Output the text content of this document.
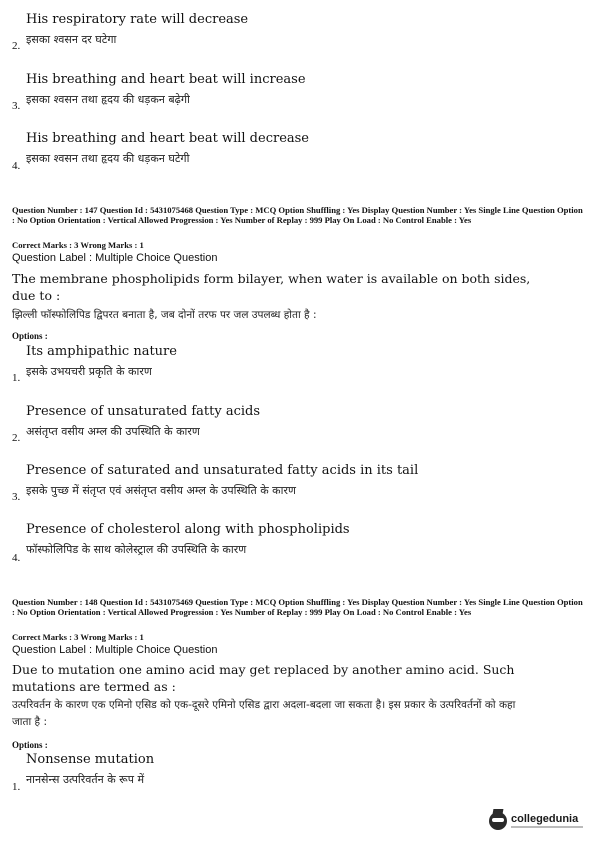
His respiratory rate will decrease
2. इसका श्वसन दर घटेगा
His breathing and heart beat will increase
3. इसका श्वसन तथा हृदय की धड़कन बढ़ेगी
His breathing and heart beat will decrease
4.
इसका श्वसन तथा हृदय की धड़कन घटेगी
Question Number : 147 Question Id : 5431075468 Question Type : MCQ Option Shuffling : Yes Display Question Number : Yes Single Line Question Option : No Option Orientation : Vertical Allowed Progression : Yes Number of Replay : 999 Play On Load : No Control Enable : Yes
Correct Marks : 3 Wrong Marks : 1
Question Label : Multiple Choice Question
The membrane phospholipids form bilayer, when water is available on both sides, due to :
झिल्ली फॉस्फोलिपिड द्विपरत बनाता है, जब दोनों तरफ पर जल उपलब्ध होता है :
Options :
Its amphipathic nature
1. इसके उभयचरी प्रकृति के कारण
Presence of unsaturated fatty acids
2. असंतृप्त वसीय अम्ल की उपस्थिति के कारण
Presence of saturated and unsaturated fatty acids in its tail
3. इसके पुच्छ में संतृप्त एवं असंतृप्त वसीय अम्ल के उपस्थिति के कारण
Presence of cholesterol along with phospholipids
4.
फॉस्फोलिपिड के साथ कोलेस्ट्राल की उपस्थिति के कारण
Question Number : 148 Question Id : 5431075469 Question Type : MCQ Option Shuffling : Yes Display Question Number : Yes Single Line Question Option : No Option Orientation : Vertical Allowed Progression : Yes Number of Replay : 999 Play On Load : No Control Enable : Yes
Correct Marks : 3 Wrong Marks : 1
Question Label : Multiple Choice Question
Due to mutation one amino acid may get replaced by another amino acid. Such mutations are termed as :
उत्परिवर्तन के कारण एक एमिनो एसिड को एक-दूसरे एमिनो एसिड द्वारा अदला-बदला जा सकता है। इस प्रकार के उत्परिवर्तनों को कहा जाता है :
Options :
Nonsense mutation
1.
नानसेन्स उत्परिवर्तन के रूप में
collegedunia
